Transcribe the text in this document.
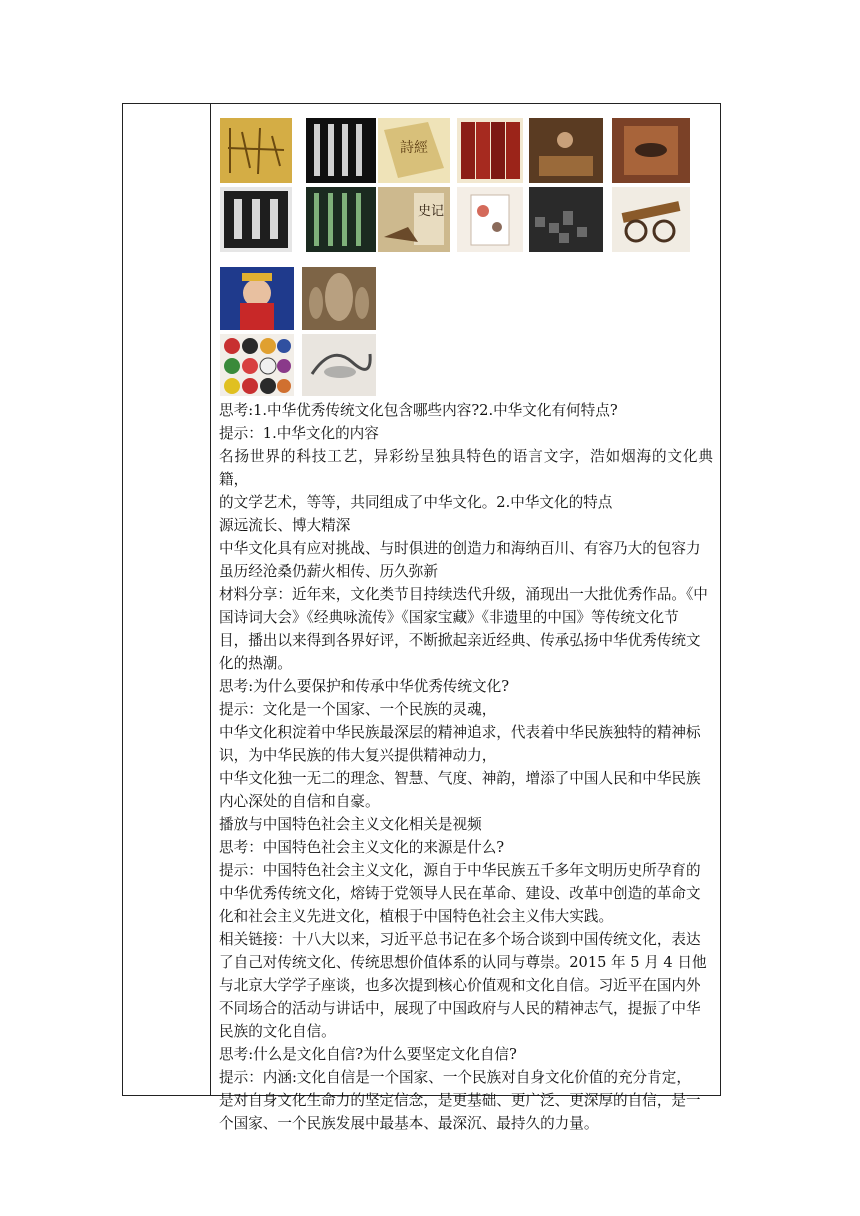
詩經
史记

思考:1.中华优秀传统文化包含哪些内容?2.中华文化有何特点?

提示：1.中华文化的内容

名扬世界的科技工艺，异彩纷呈独具特色的语言文字，浩如烟海的文化典籍，

的文学艺术，等等，共同组成了中华文化。2.中华文化的特点

源远流长、博大精深

中华文化具有应对挑战、与时俱进的创造力和海纳百川、有容乃大的包容力

虽历经沧桑仍薪火相传、历久弥新

材料分享：近年来，文化类节目持续迭代升级，涌现出一大批优秀作品。《中

国诗词大会》《经典咏流传》《国家宝藏》《非遗里的中国》等传统文化节

目，播出以来得到各界好评，不断掀起亲近经典、传承弘扬中华优秀传统文

化的热潮。

思考:为什么要保护和传承中华优秀传统文化?

提示：文化是一个国家、一个民族的灵魂，

中华文化积淀着中华民族最深层的精神追求，代表着中华民族独特的精神标

识，为中华民族的伟大复兴提供精神动力，

中华文化独一无二的理念、智慧、气度、神韵，增添了中国人民和中华民族

内心深处的自信和自豪。

播放与中国特色社会主义文化相关是视频

思考：中国特色社会主义文化的来源是什么?

提示：中国特色社会主义文化，源自于中华民族五千多年文明历史所孕育的

中华优秀传统文化，熔铸于党领导人民在革命、建设、改革中创造的革命文

化和社会主义先进文化，植根于中国特色社会主义伟大实践。

相关链接：十八大以来，习近平总书记在多个场合谈到中国传统文化，表达

了自己对传统文化、传统思想价值体系的认同与尊崇。2015 年 5 月 4 日他

与北京大学学子座谈，也多次提到核心价值观和文化自信。习近平在国内外

不同场合的活动与讲话中，展现了中国政府与人民的精神志气，提振了中华

民族的文化自信。

思考:什么是文化自信?为什么要坚定文化自信?

提示：内涵:文化自信是一个国家、一个民族对自身文化价值的充分肯定，

是对自身文化生命力的坚定信念，是更基础、更广泛、更深厚的自信，是一

个国家、一个民族发展中最基本、最深沉、最持久的力量。
